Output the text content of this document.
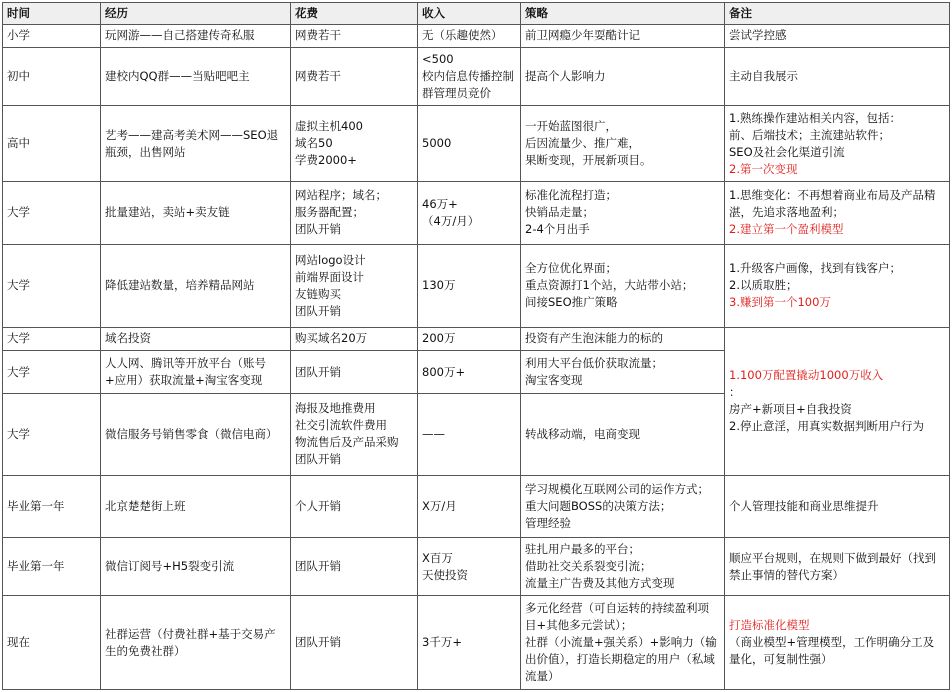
时间	经历	花费	收入	策略	备注
小学	玩网游——自己搭建传奇私服	网费若干	无（乐趣使然）	前卫网瘾少年耍酷计记	尝试学控感

初中	建校内QQ群——当贴吧吧主	网费若干	<500
校内信息传播控制
群管理员竞价	提高个人影响力	主动自我展示

高中	艺考——建高考美术网——SEO退瓶颈，出售网站	虚拟主机400
域名50
学费2000+	5000	一开始蓝图很广，
后因流量少、推广难，
果断变现，开展新项目。	1.熟练操作建站相关内容，包括：
前、后端技术；主流建站软件；
SEO及社会化渠道引流
2.第一次变现

大学	批量建站，卖站+卖友链	网站程序；域名；
服务器配置；
团队开销	46万+
（4万/月）	标准化流程打造；
快销品走量；
2-4个月出手	1.思维变化：不再想着商业布局及产品精湛，先追求落地盈利；
2.建立第一个盈利模型

大学	降低建站数量，培养精品网站	网站logo设计
前端界面设计
友链购买
团队开销	130万	全方位优化界面；
重点资源打1个站，大站带小站；
间接SEO推广策略	1.升级客户画像，找到有钱客户；
2.以质取胜；
3.赚到第一个100万

大学	域名投资	购买域名20万	200万	投资有产生泡沫能力的标的	1.100万配置撬动1000万收入
：
房产+新项目+自我投资
2.停止意淫，用真实数据判断用户行为

大学	人人网、腾讯等开放平台（账号+应用）获取流量+淘宝客变现	团队开销	800万+	利用大平台低价获取流量；
淘宝客变现	

大学	微信服务号销售零食（微信电商）	海报及地推费用
社交引流软件费用
物流售后及产品采购
团队开销	——	转战移动端，电商变现	

毕业第一年	北京楚楚街上班	个人开销	X万/月	学习规模化互联网公司的运作方式；
重大问题BOSS的决策方法；
管理经验	个人管理技能和商业思维提升

毕业第一年	微信订阅号+H5裂变引流	团队开销	X百万
天使投资	驻扎用户最多的平台；
借助社交关系裂变引流；
流量主广告费及其他方式变现	顺应平台规则，在规则下做到最好（找到禁止事情的替代方案）

现在	社群运营（付费社群+基于交易产生的免费社群）	团队开销	3千万+	多元化经营（可自运转的持续盈利项目+其他多元尝试）；
社群（小流量+强关系）+影响力（输出价值），打造长期稳定的用户（私域流量）	打造标准化模型
（商业模型+管理模型，工作明确分工及量化，可复制性强）
